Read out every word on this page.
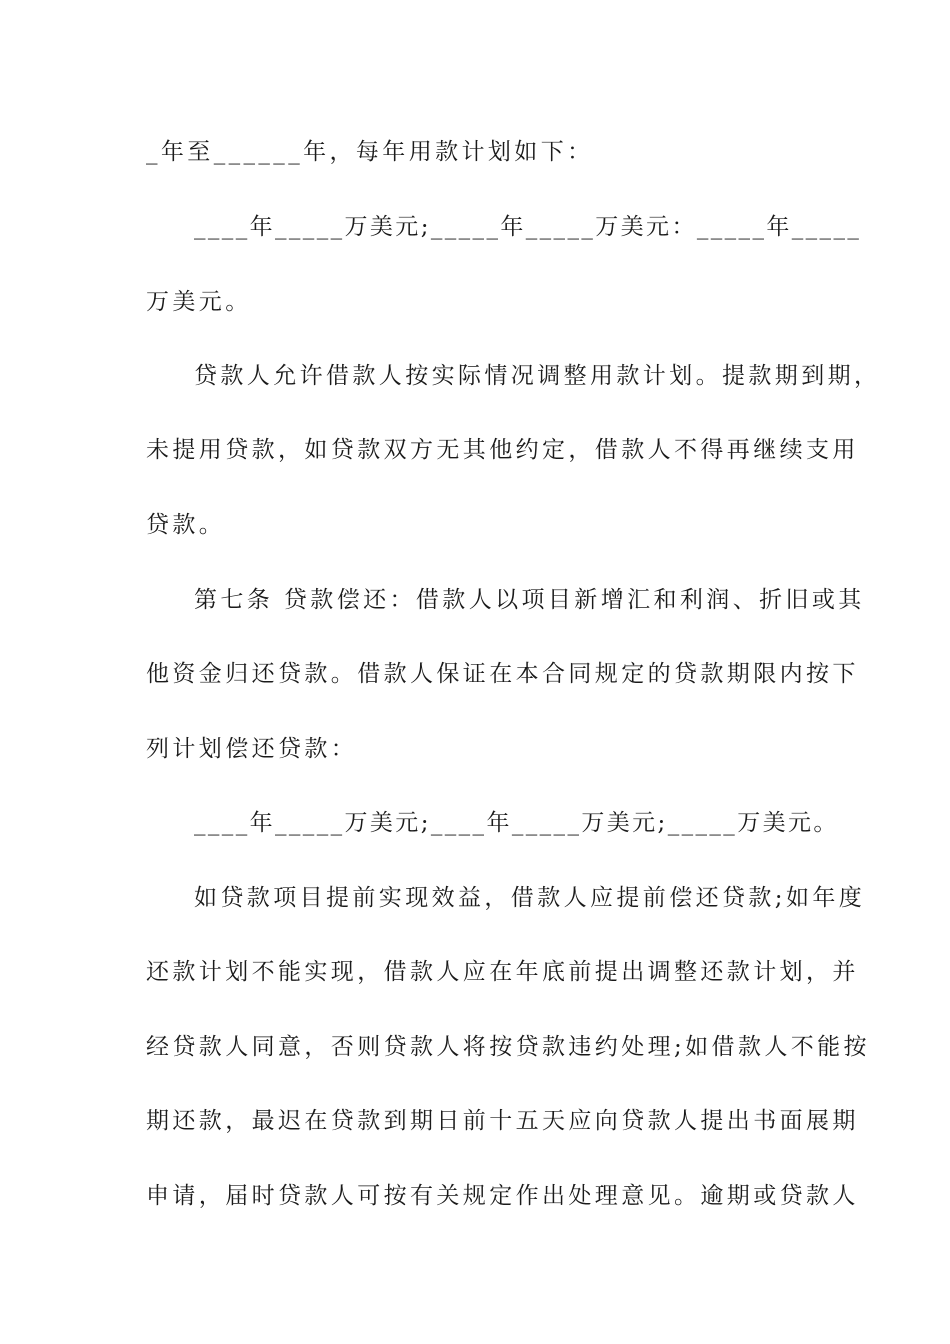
_年至______年，每年用款计划如下：
____年_____万美元;_____年_____万美元：_____年_____
万美元。
贷款人允许借款人按实际情况调整用款计划。提款期到期，
未提用贷款，如贷款双方无其他约定，借款人不得再继续支用
贷款。
第七条 贷款偿还：借款人以项目新增汇和利润、折旧或其
他资金归还贷款。借款人保证在本合同规定的贷款期限内按下
列计划偿还贷款：
____年_____万美元;____年_____万美元;_____万美元。
如贷款项目提前实现效益，借款人应提前偿还贷款;如年度
还款计划不能实现，借款人应在年底前提出调整还款计划，并
经贷款人同意，否则贷款人将按贷款违约处理;如借款人不能按
期还款，最迟在贷款到期日前十五天应向贷款人提出书面展期
申请，届时贷款人可按有关规定作出处理意见。逾期或贷款人
